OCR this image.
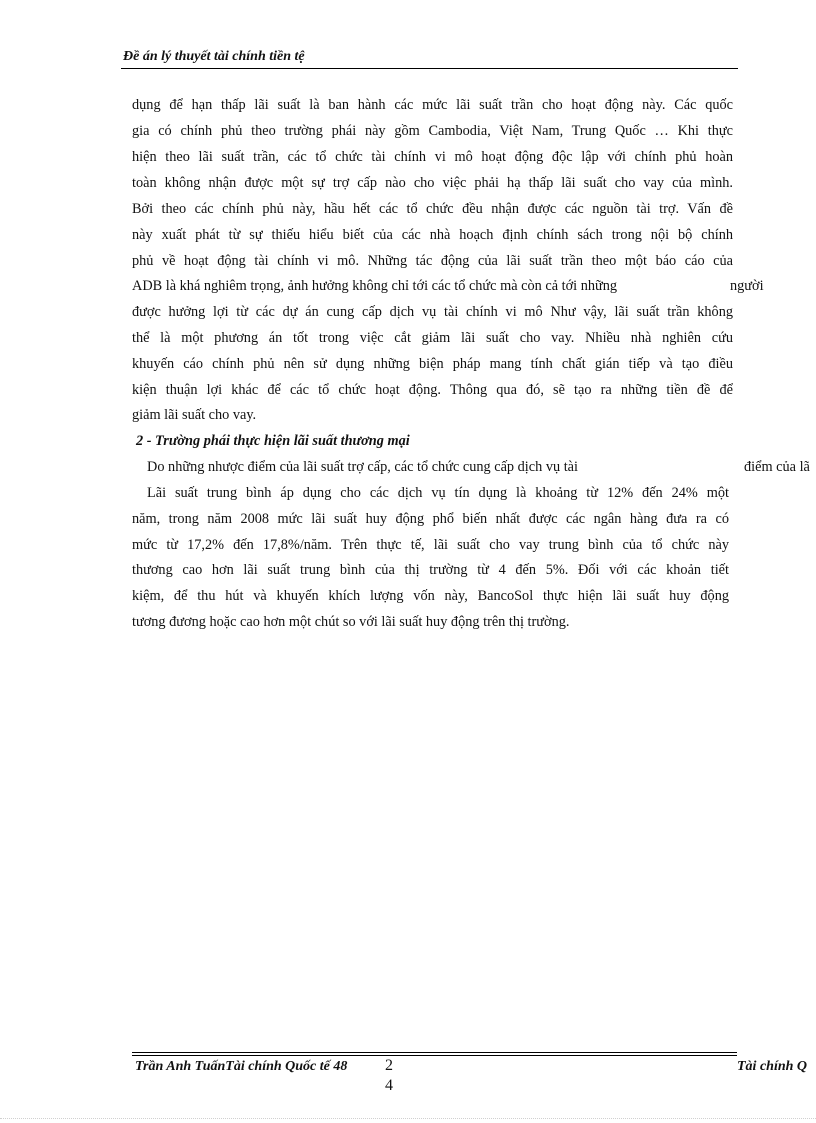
Đề án lý thuyết tài chính tiền tệ
dụng để hạn thấp lãi suất là ban hành các mức lãi suất trần cho hoạt động này. Các quốc
gia có chính phủ theo trường phái này gồm Cambodia, Việt Nam, Trung Quốc … Khi thực
hiện theo lãi suất trần, các tổ chức tài chính vi mô hoạt động độc lập với chính phủ hoàn
toàn không nhận được một sự trợ cấp nào cho việc phải hạ thấp lãi suất cho vay của mình.
Bởi theo các chính phủ này, hầu hết các tổ chức đều nhận được các nguồn tài trợ. Vấn đề
này xuất phát từ sự thiếu hiểu biết của các nhà hoạch định chính sách trong nội bộ chính
phủ về hoạt động tài chính vi mô. Những tác động của lãi suất trần theo một báo cáo của
ADB là khá nghiêm trọng, ảnh hưởng không chỉ tới các tổ chức mà còn cả tới những	người
được hưởng lợi từ các dự án cung cấp dịch vụ tài chính vi mô Như vậy, lãi suất trần không
thể là một phương án tốt trong việc cắt giảm lãi suất cho vay. Nhiều nhà nghiên cứu
khuyến cáo chính phủ nên sử dụng những biện pháp mang tính chất gián tiếp và tạo điều
kiện thuận lợi khác để các tổ chức hoạt động. Thông qua đó, sẽ tạo ra những tiền đề để
giảm lãi suất cho vay.
2 - Trường phái thực hiện lãi suất thương mại
Do những nhược điểm của lãi suất trợ cấp, các tổ chức cung cấp dịch vụ tài	điểm của lã
Lãi suất trung bình áp dụng cho các dịch vụ tín dụng là khoảng từ 12% đến 24% một
năm, trong năm 2008 mức lãi suất huy động phổ biến nhất được các ngân hàng đưa ra có
mức từ 17,2% đến 17,8%/năm. Trên thực tế, lãi suất cho vay trung bình của tổ chức này
thương cao hơn lãi suất trung bình của thị trường từ 4 đến 5%. Đối với các khoản tiết
kiệm, để thu hút và khuyến khích lượng vốn này, BancoSol thực hiện lãi suất huy động
tương đương hoặc cao hơn một chút so với lãi suất huy động trên thị trường.
Trần Anh TuấnTài chính Quốc tế 48 2
4
Tài chính Q
